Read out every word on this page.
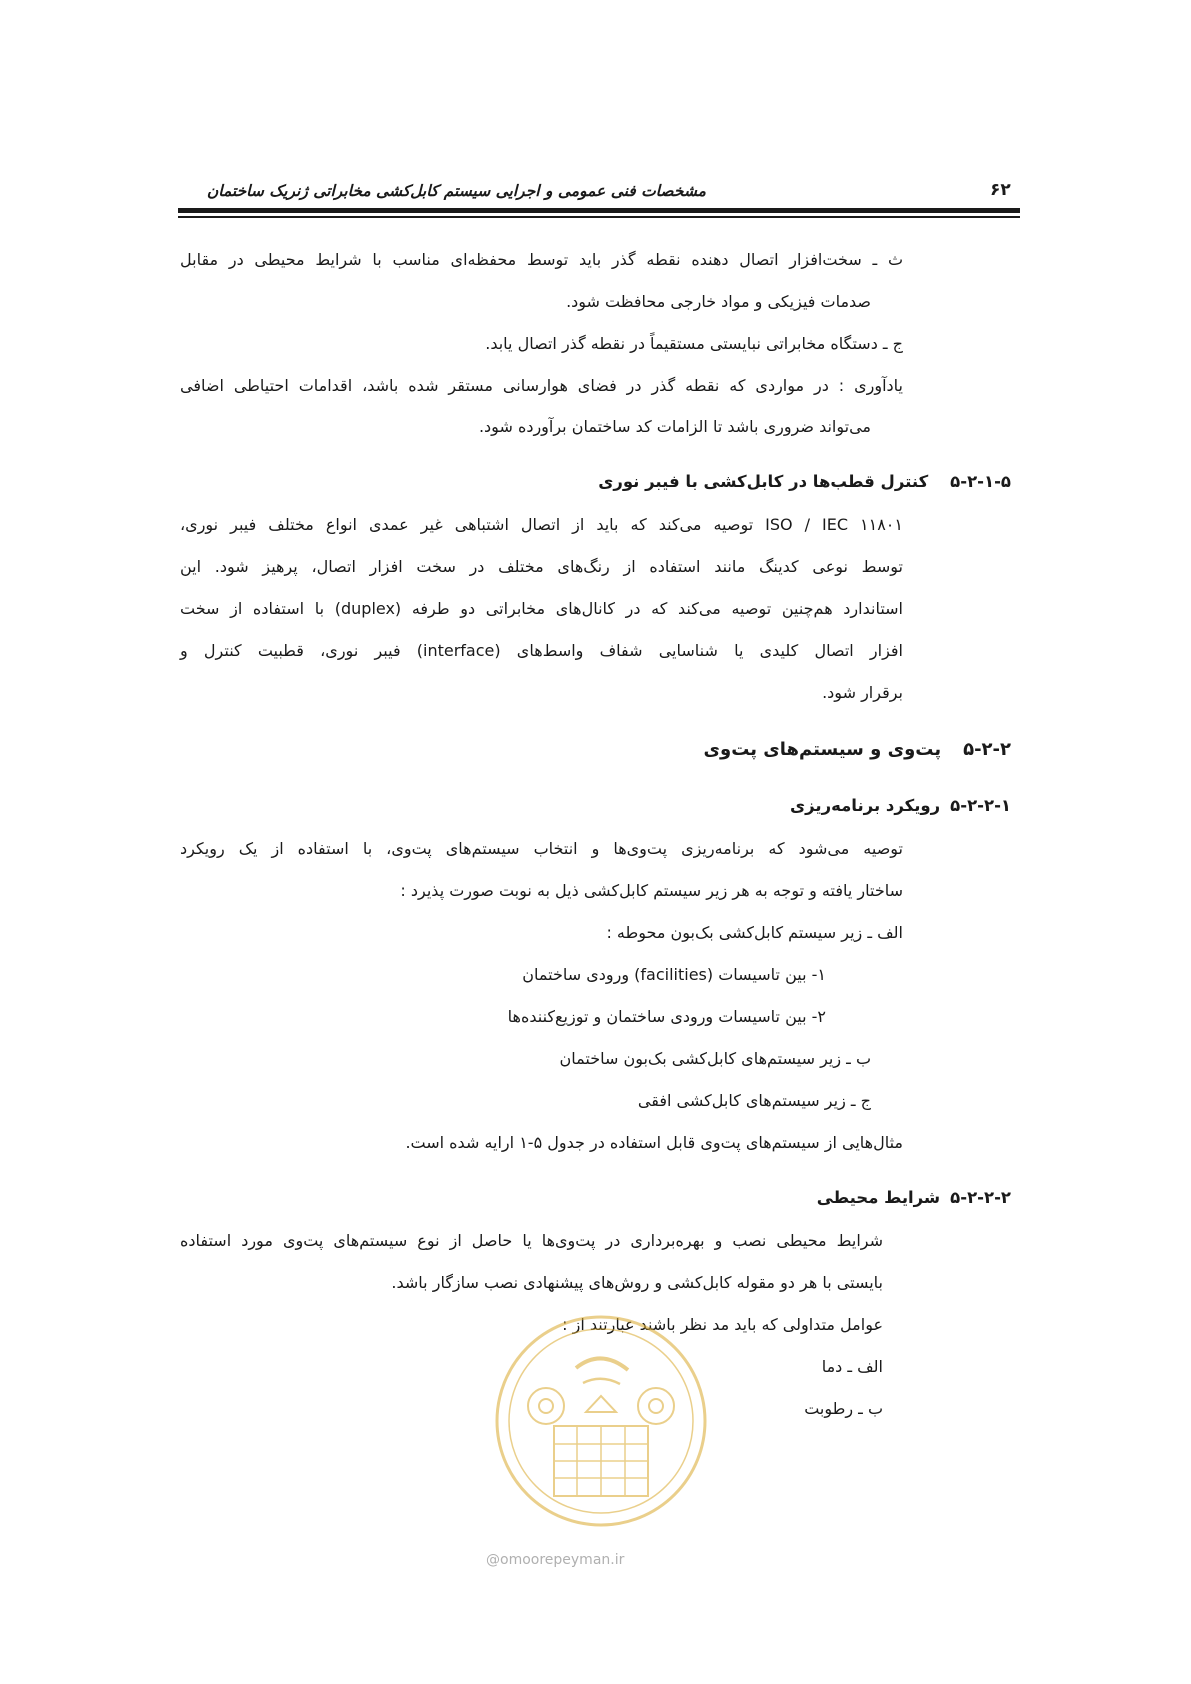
مشخصات فنی عمومی و اجرایی سیستم کابل‌کشی مخابراتی ژنریک ساختمان	۶۲
ث ـ سخت‌افزار اتصال دهنده نقطه گذر باید توسط محفظه‌ای مناسب با شرایط محیطی در مقابل
صدمات فیزیکی و مواد خارجی محافظت شود.
ج ـ دستگاه مخابراتی نبایستی مستقیماً در نقطه گذر اتصال یابد.
یادآوری : در مواردی که نقطه گذر در فضای هوارسانی مستقر شده باشد، اقدامات احتیاطی اضافی
می‌تواند ضروری باشد تا الزامات کد ساختمان برآورده شود.
۵-۲-۱-۵کنترل قطب‌ها در کابل‌کشی با فیبر نوری
ISO / IEC ۱۱۸۰۱ توصیه می‌کند که باید از اتصال اشتباهی غیر عمدی انواع مختلف فیبر نوری،
توسط نوعی کدینگ مانند استفاده از رنگ‌های مختلف در سخت افزار اتصال، پرهیز شود. این
استاندارد هم‌چنین توصیه می‌کند که در کانال‌های مخابراتی دو طرفه (duplex) با استفاده از سخت
افزار اتصال کلیدی یا شناسایی شفاف واسط‌های (interface) فیبر نوری، قطبیت کنترل و
برقرار شود.
۵-۲-۲پت‌وی و سیستم‌های پت‌وی
۵-۲-۲-۱رویکرد برنامه‌ریزی
توصیه می‌شود که برنامه‌ریزی پت‌وی‌ها و انتخاب سیستم‌های پت‌وی، با استفاده از یک رویکرد
ساختار یافته و توجه به هر زیر سیستم کابل‌کشی ذیل به نوبت صورت پذیرد :
الف ـ زیر سیستم کابل‌کشی بک‌بون محوطه :
۱- بین تاسیسات (facilities) ورودی ساختمان
۲- بین تاسیسات ورودی ساختمان و توزیع‌کننده‌ها
ب ـ زیر سیستم‌های کابل‌کشی بک‌بون ساختمان
ج ـ زیر سیستم‌های کابل‌کشی افقی
مثال‌هایی از سیستم‌های پت‌وی قابل استفاده در جدول ۵-۱ ارایه شده است.
۵-۲-۲-۲شرایط محیطی
شرایط محیطی نصب و بهره‌برداری در پت‌وی‌ها یا حاصل از نوع سیستم‌های پت‌وی مورد استفاده
بایستی با هر دو مقوله کابل‌کشی و روش‌های پیشنهادی نصب سازگار باشد.
عوامل متداولی که باید مد نظر باشند عبارتند از :
الف ـ دما
ب ـ رطوبت
@omoorepeyman.ir
